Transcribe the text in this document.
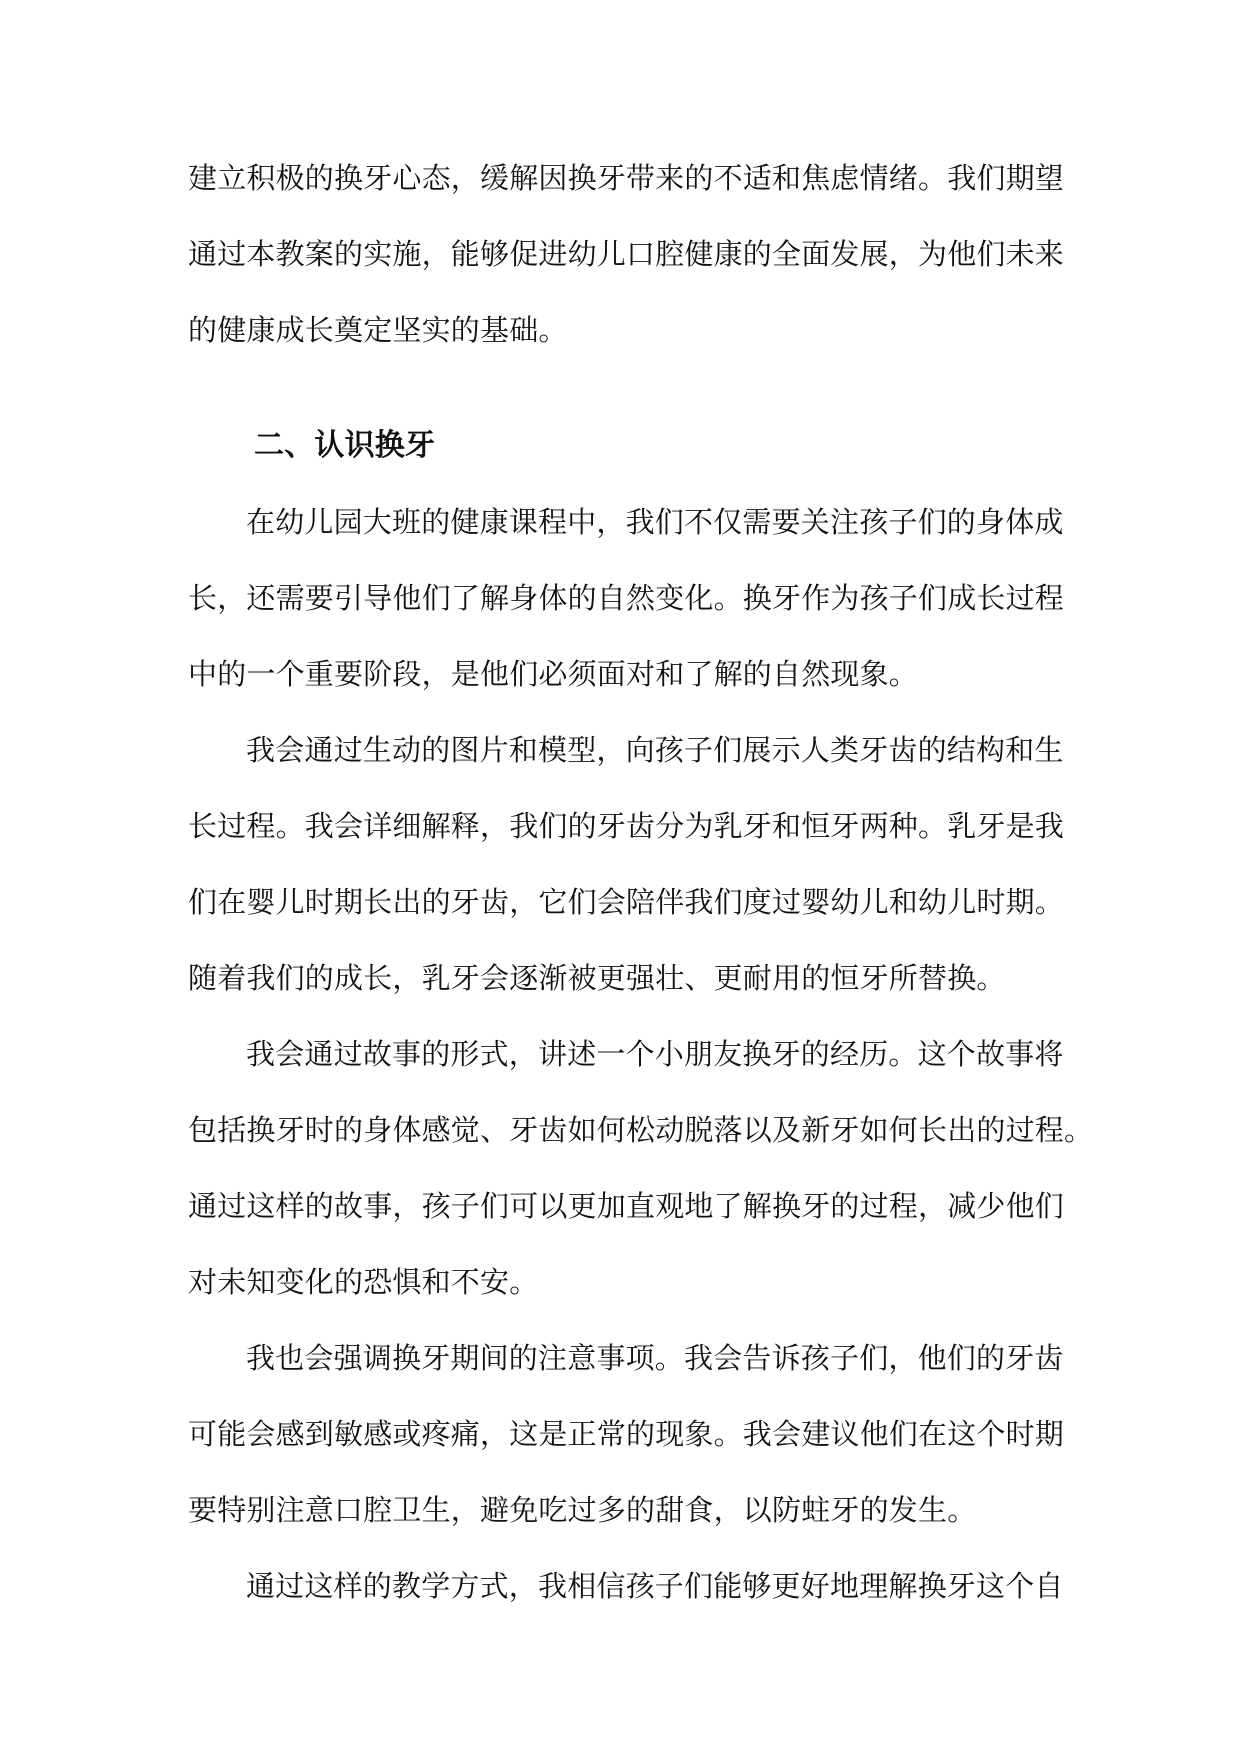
建立积极的换牙心态，缓解因换牙带来的不适和焦虑情绪。我们期望
通过本教案的实施，能够促进幼儿口腔健康的全面发展，为他们未来
的健康成长奠定坚实的基础。
二、认识换牙
在幼儿园大班的健康课程中，我们不仅需要关注孩子们的身体成
长，还需要引导他们了解身体的自然变化。换牙作为孩子们成长过程
中的一个重要阶段，是他们必须面对和了解的自然现象。
我会通过生动的图片和模型，向孩子们展示人类牙齿的结构和生
长过程。我会详细解释，我们的牙齿分为乳牙和恒牙两种。乳牙是我
们在婴儿时期长出的牙齿，它们会陪伴我们度过婴幼儿和幼儿时期。
随着我们的成长，乳牙会逐渐被更强壮、更耐用的恒牙所替换。
我会通过故事的形式，讲述一个小朋友换牙的经历。这个故事将
包括换牙时的身体感觉、牙齿如何松动脱落以及新牙如何长出的过程。
通过这样的故事，孩子们可以更加直观地了解换牙的过程，减少他们
对未知变化的恐惧和不安。
我也会强调换牙期间的注意事项。我会告诉孩子们，他们的牙齿
可能会感到敏感或疼痛，这是正常的现象。我会建议他们在这个时期
要特别注意口腔卫生，避免吃过多的甜食，以防蛀牙的发生。
通过这样的教学方式，我相信孩子们能够更好地理解换牙这个自
